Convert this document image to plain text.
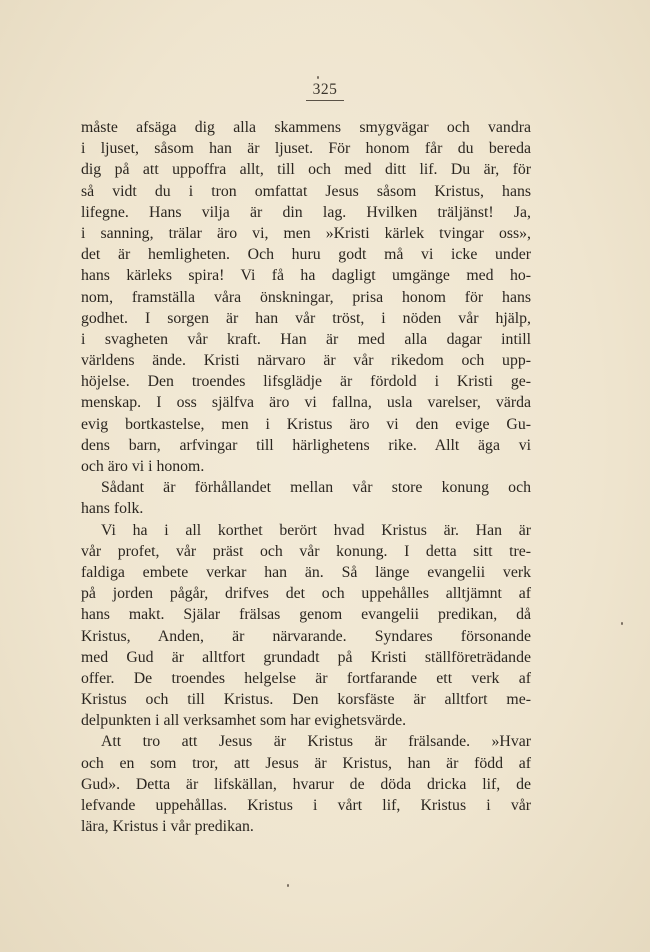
325
måste afsäga dig alla skammens smygvägar och vandra
i ljuset, såsom han är ljuset. För honom får du bereda
dig på att uppoffra allt, till och med ditt lif. Du är, för
så vidt du i tron omfattat Jesus såsom Kristus, hans
lifegne. Hans vilja är din lag. Hvilken träljänst! Ja,
i sanning, trälar äro vi, men »Kristi kärlek tvingar oss»,
det är hemligheten. Och huru godt må vi icke under
hans kärleks spira! Vi få ha dagligt umgänge med ho-
nom, framställa våra önskningar, prisa honom för hans
godhet. I sorgen är han vår tröst, i nöden vår hjälp,
i svagheten vår kraft. Han är med alla dagar intill
världens ände. Kristi närvaro är vår rikedom och upp-
höjelse. Den troendes lifsglädje är fördold i Kristi ge-
menskap. I oss själfva äro vi fallna, usla varelser, värda
evig bortkastelse, men i Kristus äro vi den evige Gu-
dens barn, arfvingar till härlighetens rike. Allt äga vi
och äro vi i honom.
Sådant är förhållandet mellan vår store konung och
hans folk.
Vi ha i all korthet berört hvad Kristus är. Han är
vår profet, vår präst och vår konung. I detta sitt tre-
faldiga embete verkar han än. Så länge evangelii verk
på jorden pågår, drifves det och uppehålles alltjämnt af
hans makt. Själar frälsas genom evangelii predikan, då
Kristus, Anden, är närvarande. Syndares försonande
med Gud är alltfort grundadt på Kristi ställföreträdande
offer. De troendes helgelse är fortfarande ett verk af
Kristus och till Kristus. Den korsfäste är alltfort me-
delpunkten i all verksamhet som har evighetsvärde.
Att tro att Jesus är Kristus är frälsande. »Hvar
och en som tror, att Jesus är Kristus, han är född af
Gud». Detta är lifskällan, hvarur de döda dricka lif, de
lefvande uppehållas. Kristus i vårt lif, Kristus i vår
lära, Kristus i vår predikan.
